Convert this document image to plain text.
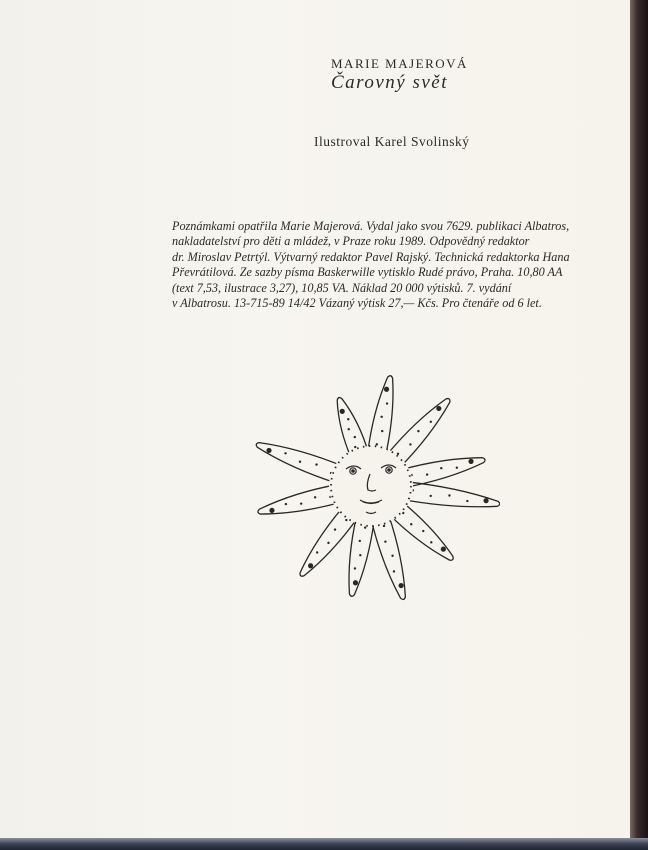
MARIE MAJEROVÁ
Čarovný svět
Ilustroval Karel Svolinský
Poznámkami opatřila Marie Majerová. Vydal jako svou 7629. publikaci Albatros,
nakladatelství pro děti a mládež, v Praze roku 1989. Odpovědný redaktor
dr. Miroslav Petrtýl. Výtvarný redaktor Pavel Rajský. Technická redaktorka Hana
Převrátilová. Ze sazby písma Baskerwille vytisklo Rudé právo, Praha. 10,80 AA
(text 7,53, ilustrace 3,27), 10,85 VA. Náklad 20 000 výtisků. 7. vydání
v Albatrosu. 13-715-89 14/42 Vázaný výtisk 27,— Kčs. Pro čtenáře od 6 let.
